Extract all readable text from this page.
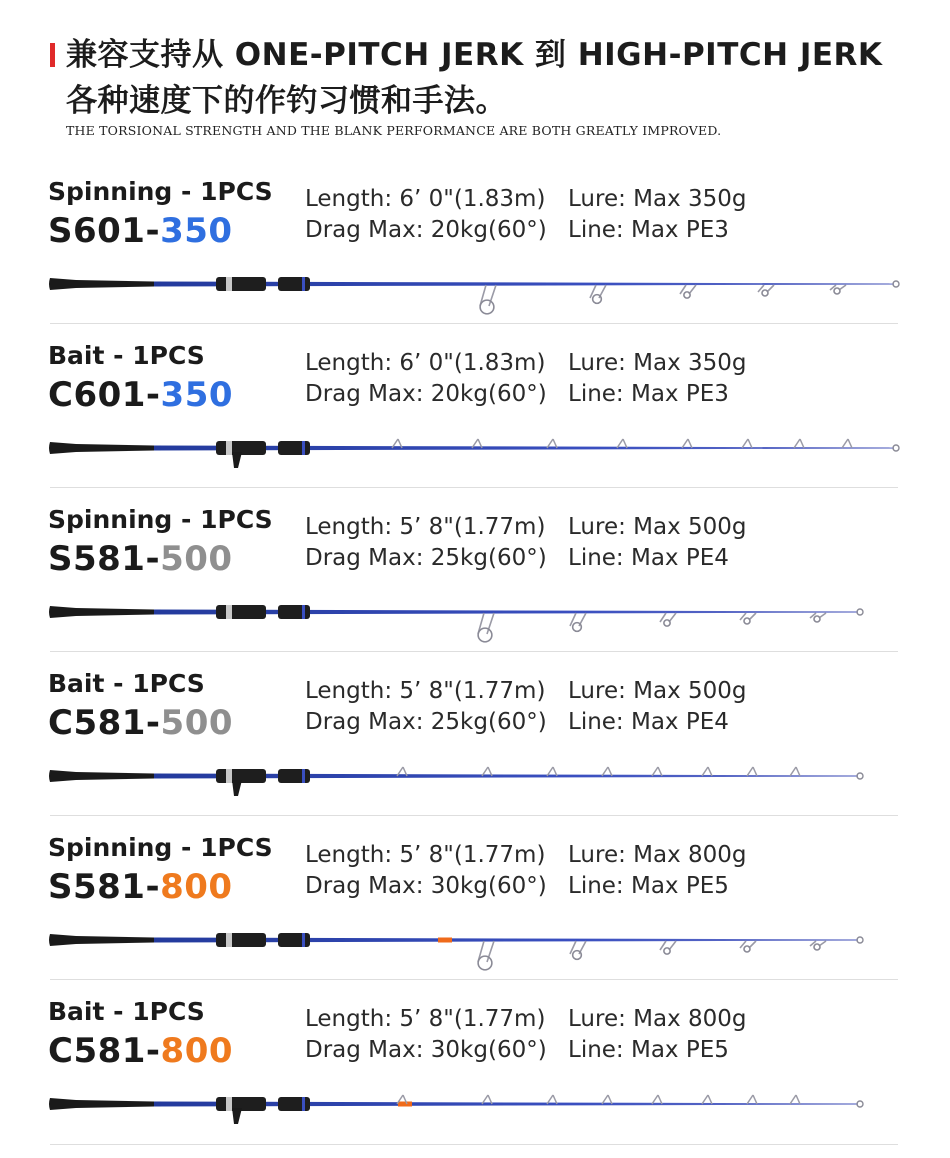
兼容支持从 ONE-PITCH JERK 到 HIGH-PITCH JERK
各种速度下的作钓习惯和手法。
THE TORSIONAL STRENGTH AND THE BLANK PERFORMANCE ARE BOTH GREATLY IMPROVED.
Spinning - 1PCS
S601-350
Length: 6’ 0"(1.83m)
Drag Max: 20kg(60°)
Lure: Max 350g
Line: Max PE3
Bait - 1PCS
C601-350
Length: 6’ 0"(1.83m)
Drag Max: 20kg(60°)
Lure: Max 350g
Line: Max PE3
Spinning - 1PCS
S581-500
Length: 5’ 8"(1.77m)
Drag Max: 25kg(60°)
Lure: Max 500g
Line: Max PE4
Bait - 1PCS
C581-500
Length: 5’ 8"(1.77m)
Drag Max: 25kg(60°)
Lure: Max 500g
Line: Max PE4
Spinning - 1PCS
S581-800
Length: 5’ 8"(1.77m)
Drag Max: 30kg(60°)
Lure: Max 800g
Line: Max PE5
Bait - 1PCS
C581-800
Length: 5’ 8"(1.77m)
Drag Max: 30kg(60°)
Lure: Max 800g
Line: Max PE5
